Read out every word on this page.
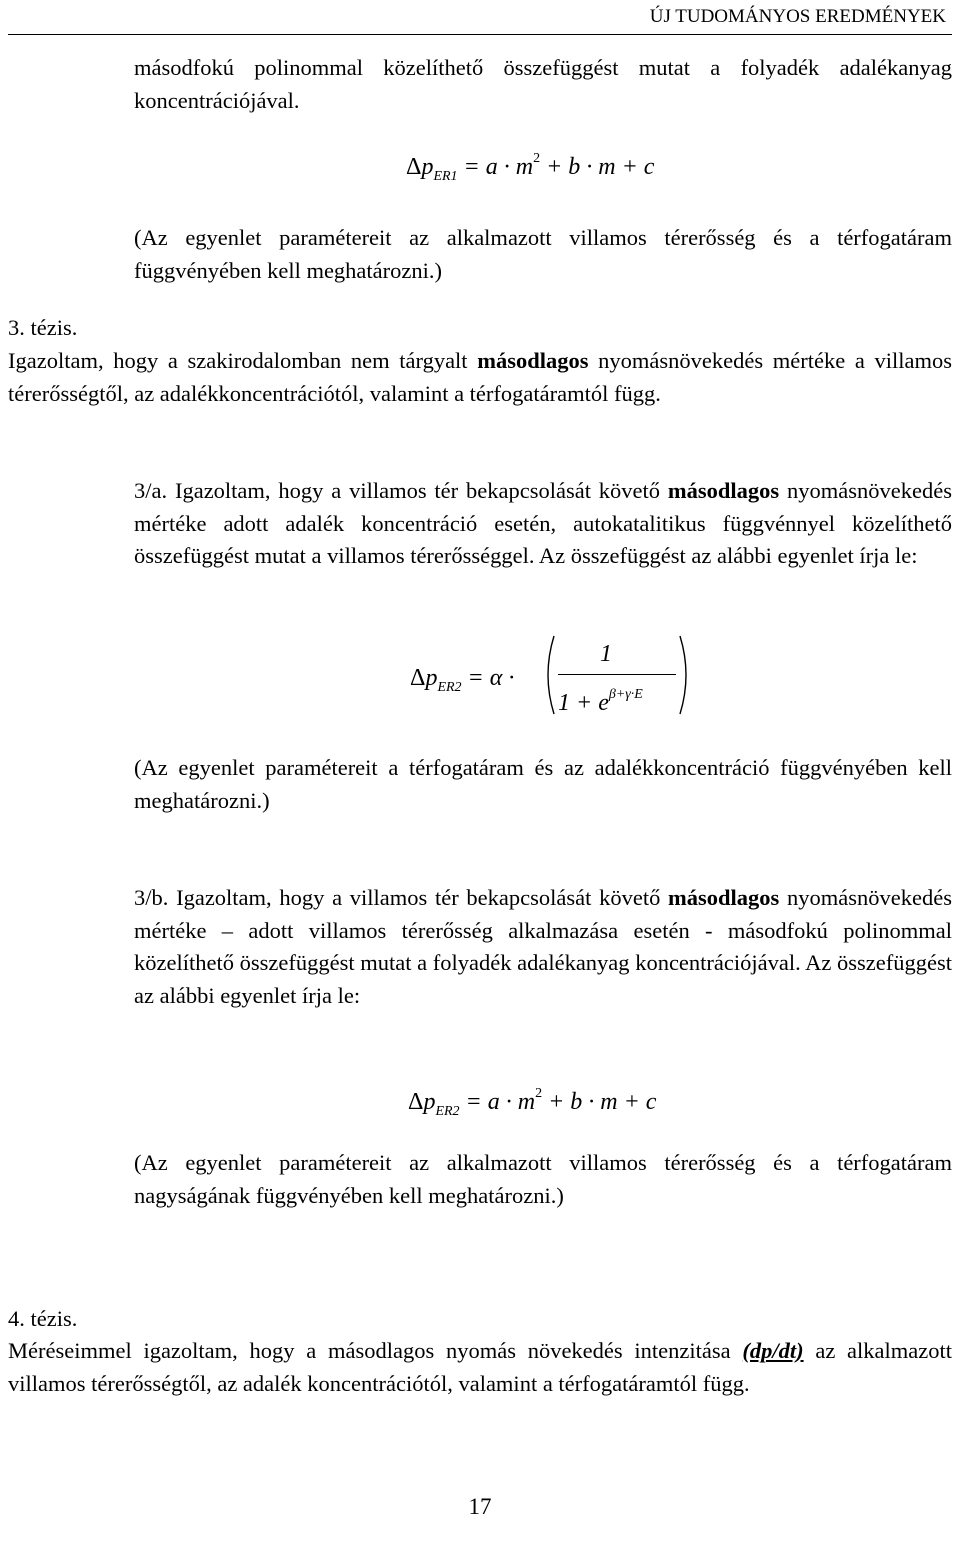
ÚJ TUDOMÁNYOS EREDMÉNYEK
másodfokú polinommal közelíthető összefüggést mutat a folyadék adalékanyag koncentrációjával.
$\Delta p_{ER1} = a \cdot m^2 + b \cdot m + c$
(Az egyenlet paramétereit az alkalmazott villamos térerősség és a térfogatáram függvényében kell meghatározni.)
3. tézis.
Igazoltam, hogy a szakirodalomban nem tárgyalt másodlagos nyomásnövekedés mértéke a villamos térerősségtől, az adalékkoncentrációtól, valamint a térfogatáramtól függ.
3/a. Igazoltam, hogy a villamos tér bekapcsolását követő másodlagos nyomásnövekedés mértéke adott adalék koncentráció esetén, autokatalitikus függvénnyel közelíthető összefüggést mutat a villamos térerősséggel. Az összefüggést az alábbi egyenlet írja le:
$\Delta p_{ER2} = \alpha$ ·
1
$1 + e^{\beta+\gamma\cdot E}$
(Az egyenlet paramétereit a térfogatáram és az adalékkoncentráció függvényében kell meghatározni.)
3/b. Igazoltam, hogy a villamos tér bekapcsolását követő másodlagos nyomásnövekedés mértéke – adott villamos térerősség alkalmazása esetén - másodfokú polinommal közelíthető összefüggést mutat a folyadék adalékanyag koncentrációjával. Az összefüggést az alábbi egyenlet írja le:
$\Delta p_{ER2} = a \cdot m^2 + b \cdot m + c$
(Az egyenlet paramétereit az alkalmazott villamos térerősség és a térfogatáram nagyságának függvényében kell meghatározni.)
4. tézis.
Méréseimmel igazoltam, hogy a másodlagos nyomás növekedés intenzitása (dp/dt) az alkalmazott villamos térerősségtől, az adalék koncentrációtól, valamint a térfogatáramtól függ.
17
